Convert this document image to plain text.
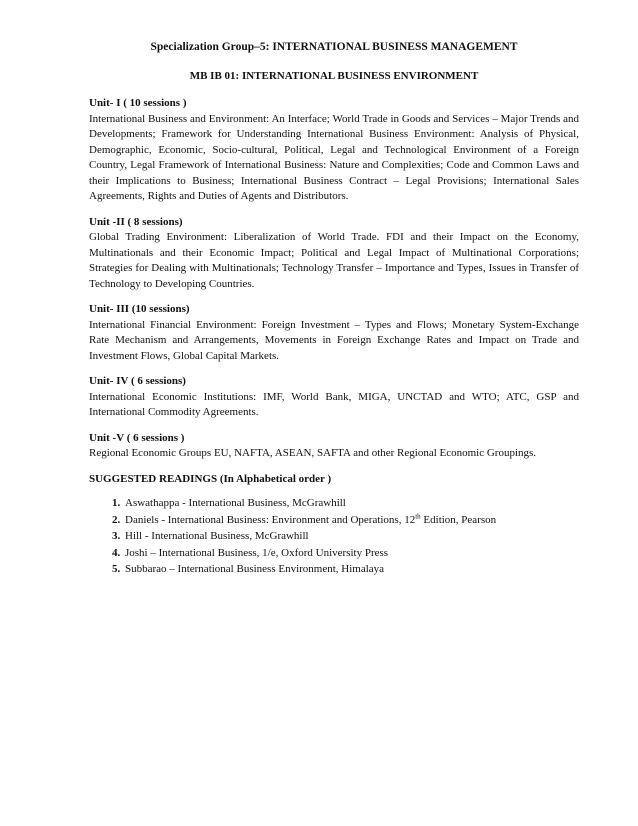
Specialization Group–5: INTERNATIONAL BUSINESS MANAGEMENT
MB IB 01: INTERNATIONAL BUSINESS ENVIRONMENT

Unit- I ( 10 sessions )

International Business and Environment: An Interface; World Trade in Goods and Services – Major Trends and Developments; Framework for Understanding International Business Environment: Analysis of Physical, Demographic, Economic, Socio-cultural, Political, Legal and Technological Environment of a Foreign Country, Legal Framework of International Business: Nature and Complexities; Code and Common Laws and their Implications to Business; International Business Contract – Legal Provisions; International Sales Agreements, Rights and Duties of Agents and Distributors.

Unit -II ( 8 sessions)

Global Trading Environment: Liberalization of World Trade. FDI and their Impact on the Economy, Multinationals and their Economic Impact; Political and Legal Impact of Multinational Corporations; Strategies for Dealing with Multinationals; Technology Transfer – Importance and Types, Issues in Transfer of Technology to Developing Countries.

Unit- III (10 sessions)

International Financial Environment: Foreign Investment – Types and Flows; Monetary System-Exchange Rate Mechanism and Arrangements, Movements in Foreign Exchange Rates and Impact on Trade and Investment Flows, Global Capital Markets.

Unit- IV ( 6 sessions)

International Economic Institutions: IMF, World Bank, MIGA, UNCTAD and WTO; ATC, GSP and International Commodity Agreements.

Unit -V ( 6 sessions )

Regional Economic Groups EU, NAFTA, ASEAN, SAFTA and other Regional Economic Groupings.

SUGGESTED READINGS (In Alphabetical order )

1. Aswathappa - International Business, McGrawhill
2. Daniels - International Business: Environment and Operations, 12th Edition, Pearson
3. Hill - International Business, McGrawhill
4. Joshi – International Business, 1/e, Oxford University Press
5. Subbarao – International Business Environment, Himalaya
